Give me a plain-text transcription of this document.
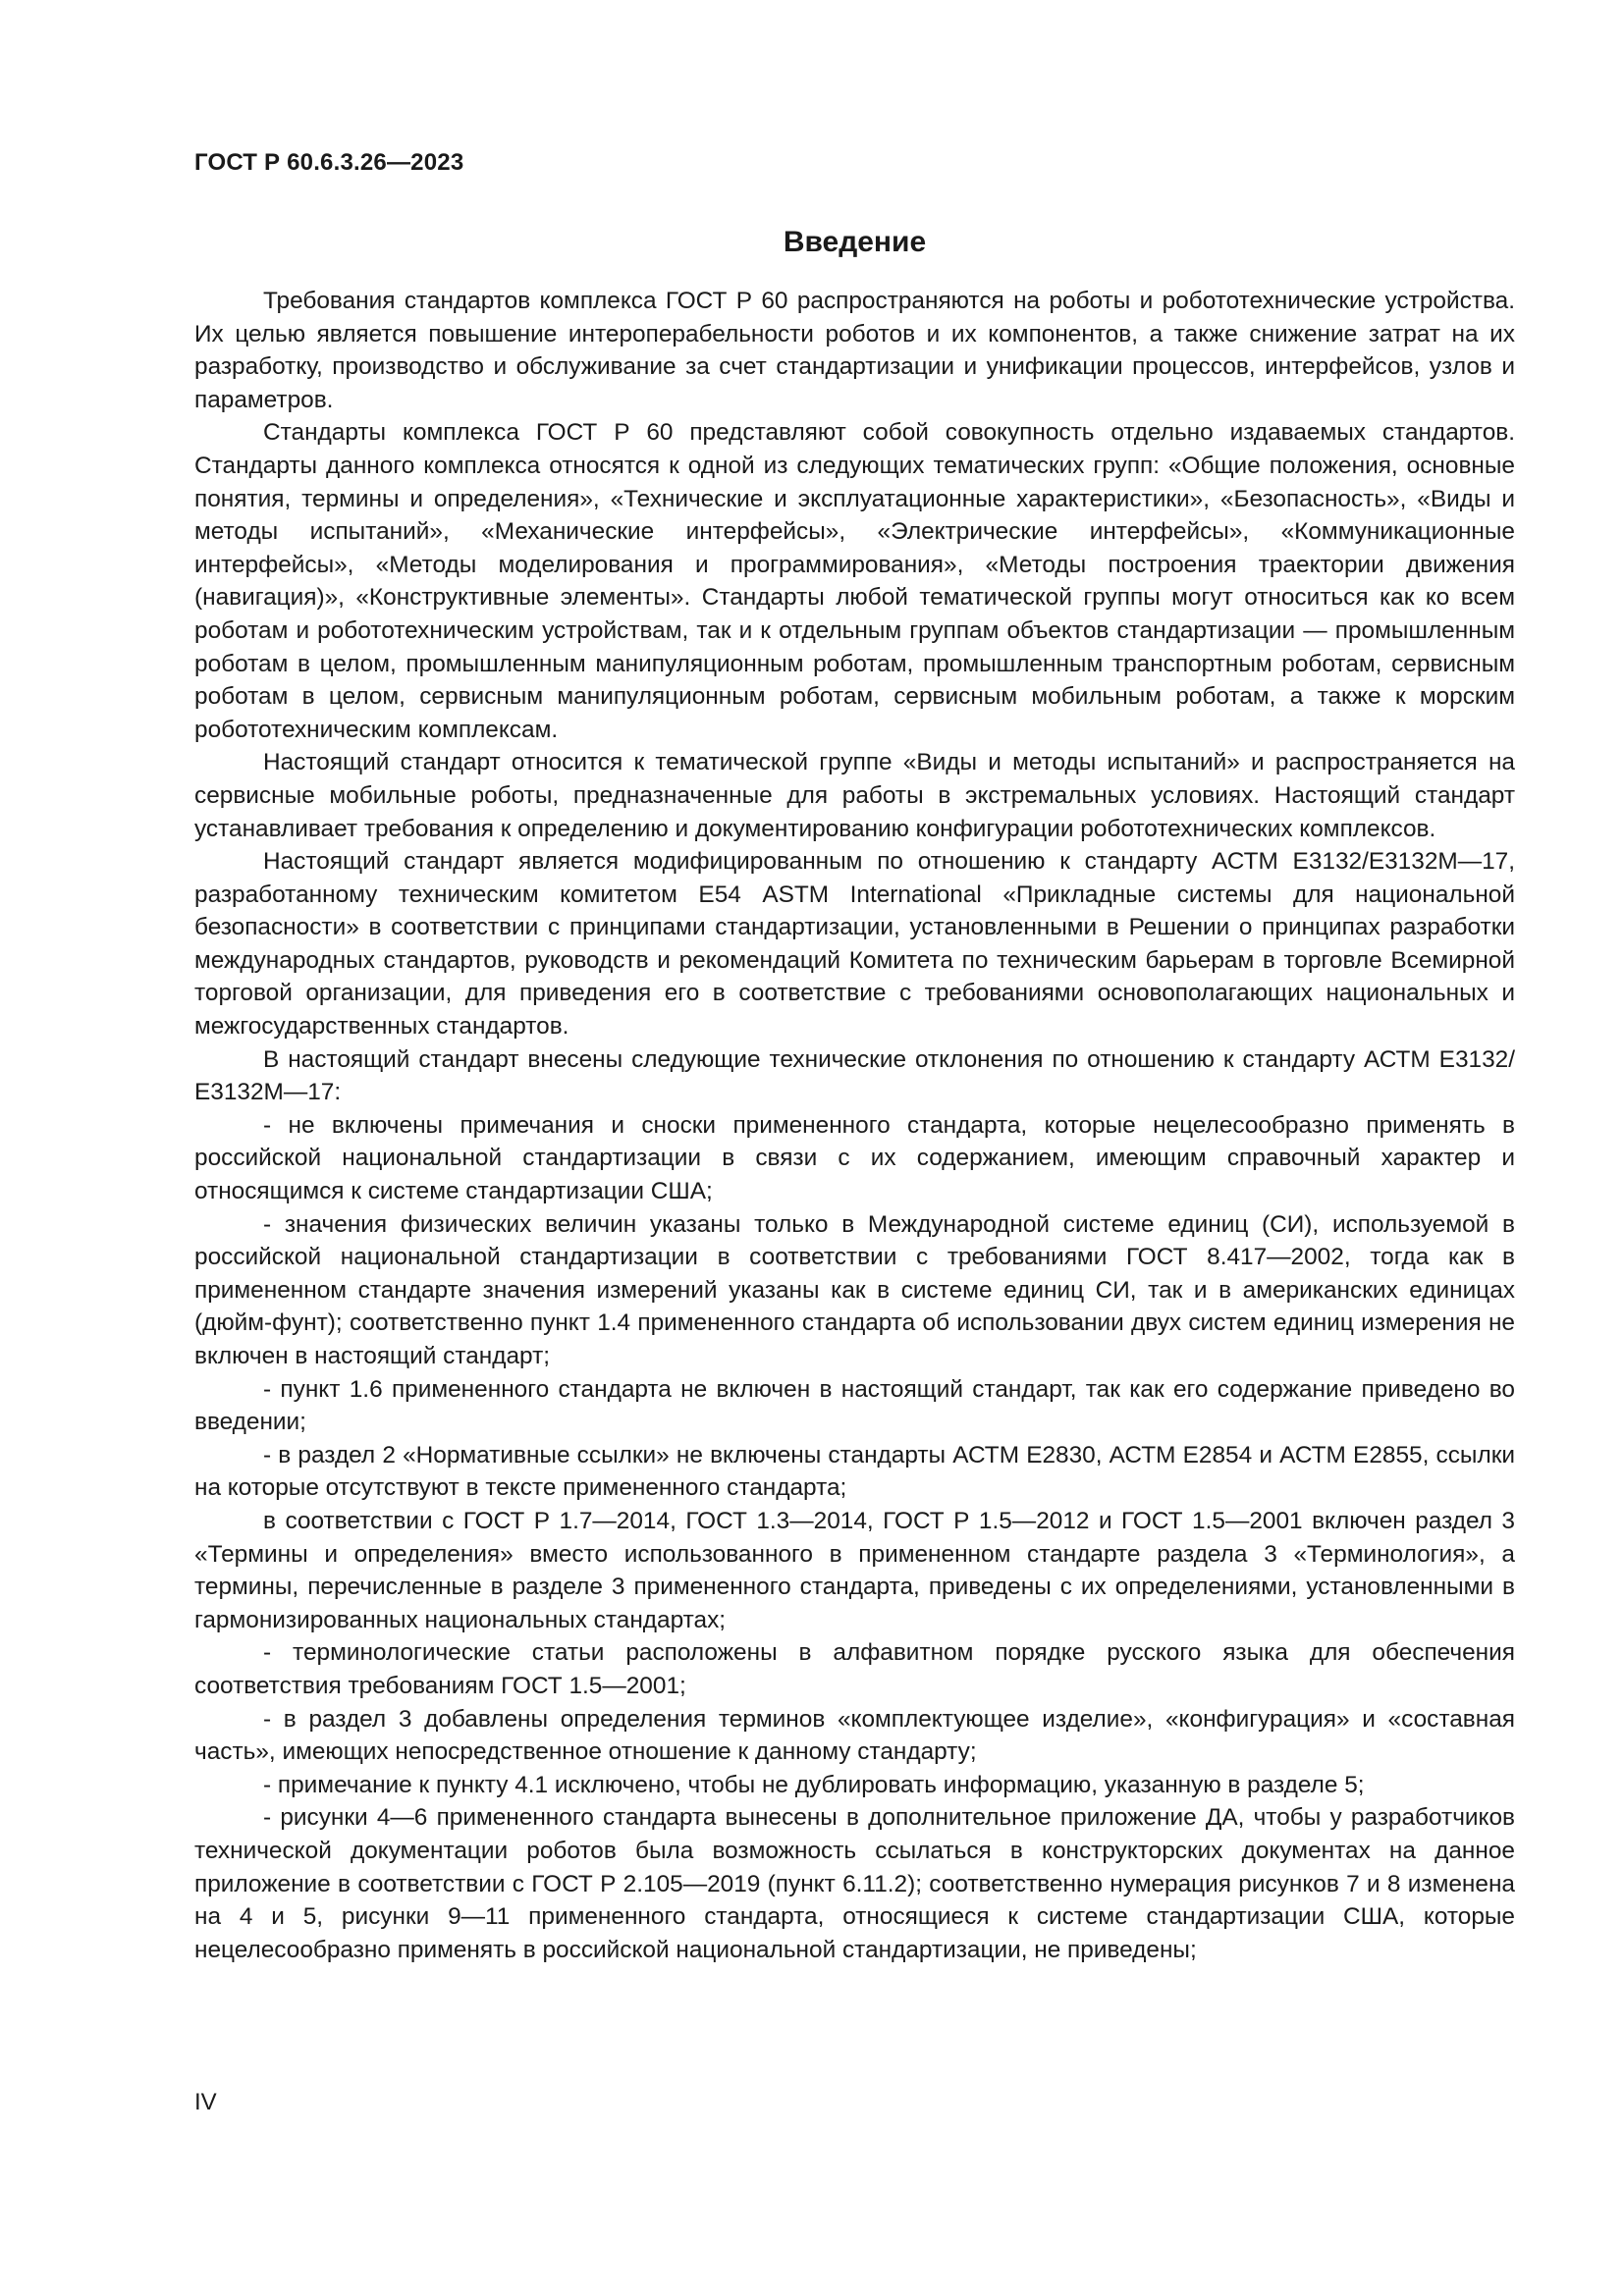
ГОСТ Р 60.6.3.26—2023
Введение

Требования стандартов комплекса ГОСТ Р 60 распространяются на роботы и робототехнические устройства. Их целью является повышение интероперабельности роботов и их компонентов, а также снижение затрат на их разработку, производство и обслуживание за счет стандартизации и унификации процессов, интерфейсов, узлов и параметров.

Стандарты комплекса ГОСТ Р 60 представляют собой совокупность отдельно издаваемых стандартов. Стандарты данного комплекса относятся к одной из следующих тематических групп: «Общие положения, основные понятия, термины и определения», «Технические и эксплуатационные характеристики», «Безопасность», «Виды и методы испытаний», «Механические интерфейсы», «Электрические интерфейсы», «Коммуникационные интерфейсы», «Методы моделирования и программирования», «Методы построения траектории движения (навигация)», «Конструктивные элементы». Стандарты любой тематической группы могут относиться как ко всем роботам и робототехническим устройствам, так и к отдельным группам объектов стандартизации — промышленным роботам в целом, промышленным манипуляционным роботам, промышленным транспортным роботам, сервисным роботам в целом, сервисным манипуляционным роботам, сервисным мобильным роботам, а также к морским робототехническим комплексам.

Настоящий стандарт относится к тематической группе «Виды и методы испытаний» и распространяется на сервисные мобильные роботы, предназначенные для работы в экстремальных условиях. Настоящий стандарт устанавливает требования к определению и документированию конфигурации робототехнических комплексов.

Настоящий стандарт является модифицированным по отношению к стандарту АСТМ Е3132/Е3132М—17, разработанному техническим комитетом Е54 ASTM International «Прикладные системы для национальной безопасности» в соответствии с принципами стандартизации, установленными в Решении о принципах разработки международных стандартов, руководств и рекомендаций Комитета по техническим барьерам в торговле Всемирной торговой организации, для приведения его в соответствие с требованиями основополагающих национальных и межгосударственных стандартов.

В настоящий стандарт внесены следующие технические отклонения по отношению к стандарту АСТМ Е3132/Е3132М—17:

- не включены примечания и сноски примененного стандарта, которые нецелесообразно применять в российской национальной стандартизации в связи с их содержанием, имеющим справочный характер и относящимся к системе стандартизации США;

- значения физических величин указаны только в Международной системе единиц (СИ), используемой в российской национальной стандартизации в соответствии с требованиями ГОСТ 8.417—2002, тогда как в примененном стандарте значения измерений указаны как в системе единиц СИ, так и в американских единицах (дюйм-фунт); соответственно пункт 1.4 примененного стандарта об использовании двух систем единиц измерения не включен в настоящий стандарт;

- пункт 1.6 примененного стандарта не включен в настоящий стандарт, так как его содержание приведено во введении;

- в раздел 2 «Нормативные ссылки» не включены стандарты АСТМ Е2830, АСТМ Е2854 и АСТМ Е2855, ссылки на которые отсутствуют в тексте примененного стандарта;

в соответствии с ГОСТ Р 1.7—2014, ГОСТ 1.3—2014, ГОСТ Р 1.5—2012 и ГОСТ 1.5—2001 включен раздел 3 «Термины и определения» вместо использованного в примененном стандарте раздела 3 «Терминология», а термины, перечисленные в разделе 3 примененного стандарта, приведены с их определениями, установленными в гармонизированных национальных стандартах;

- терминологические статьи расположены в алфавитном порядке русского языка для обеспечения соответствия требованиям ГОСТ 1.5—2001;

- в раздел 3 добавлены определения терминов «комплектующее изделие», «конфигурация» и «составная часть», имеющих непосредственное отношение к данному стандарту;

- примечание к пункту 4.1 исключено, чтобы не дублировать информацию, указанную в разделе 5;

- рисунки 4—6 примененного стандарта вынесены в дополнительное приложение ДА, чтобы у разработчиков технической документации роботов была возможность ссылаться в конструкторских документах на данное приложение в соответствии с ГОСТ Р 2.105—2019 (пункт 6.11.2); соответственно нумерация рисунков 7 и 8 изменена на 4 и 5, рисунки 9—11 примененного стандарта, относящиеся к системе стандартизации США, которые нецелесообразно применять в российской национальной стандартизации, не приведены;

IV
